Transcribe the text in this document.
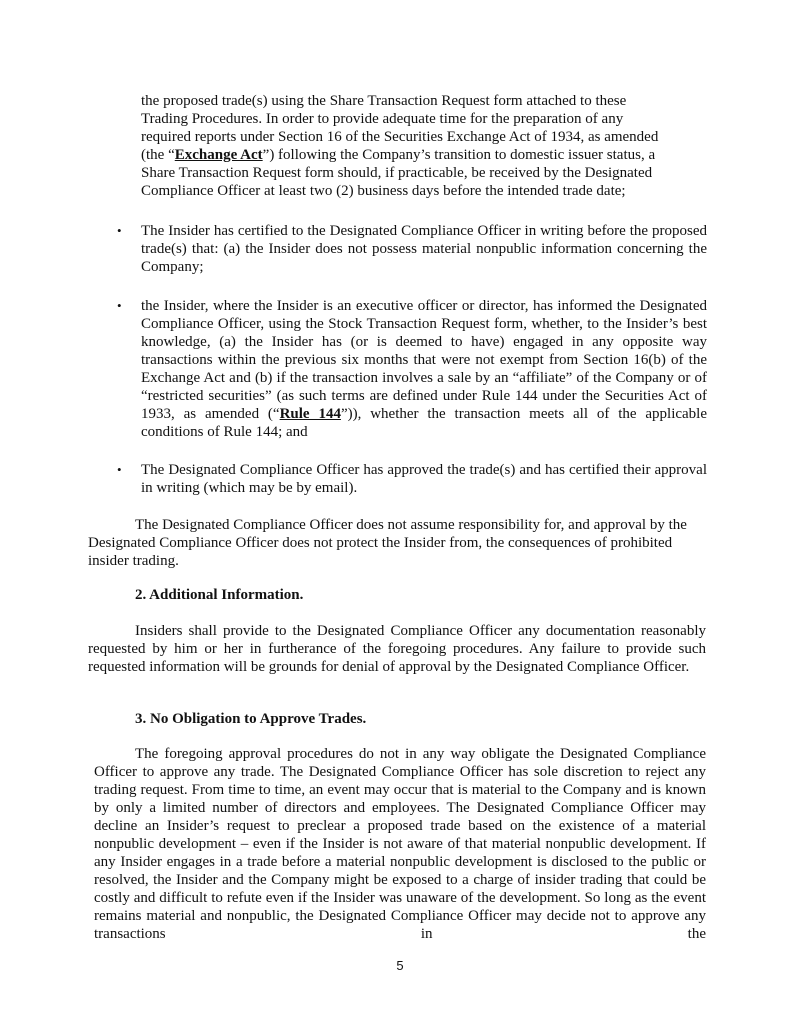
the proposed trade(s) using the Share Transaction Request form attached to these Trading Procedures. In order to provide adequate time for the preparation of any required reports under Section 16 of the Securities Exchange Act of 1934, as amended (the “Exchange Act”) following the Company’s transition to domestic issuer status, a Share Transaction Request form should, if practicable, be received by the Designated Compliance Officer at least two (2) business days before the intended trade date;

•	The Insider has certified to the Designated Compliance Officer in writing before the proposed trade(s) that: (a) the Insider does not possess material nonpublic information concerning the Company;

•	the Insider, where the Insider is an executive officer or director, has informed the Designated Compliance Officer, using the Stock Transaction Request form, whether, to the Insider’s best knowledge, (a) the Insider has (or is deemed to have) engaged in any opposite way transactions within the previous six months that were not exempt from Section 16(b) of the Exchange Act and (b) if the transaction involves a sale by an “affiliate” of the Company or of “restricted securities” (as such terms are defined under Rule 144 under the Securities Act of 1933, as amended (“Rule 144”)), whether the transaction meets all of the applicable conditions of Rule 144; and

•	The Designated Compliance Officer has approved the trade(s) and has certified their approval in writing (which may be by email).

The Designated Compliance Officer does not assume responsibility for, and approval by the Designated Compliance Officer does not protect the Insider from, the consequences of prohibited insider trading.

2. Additional Information.

Insiders shall provide to the Designated Compliance Officer any documentation reasonably requested by him or her in furtherance of the foregoing procedures. Any failure to provide such requested information will be grounds for denial of approval by the Designated Compliance Officer.

3. No Obligation to Approve Trades.

The foregoing approval procedures do not in any way obligate the Designated Compliance Officer to approve any trade. The Designated Compliance Officer has sole discretion to reject any trading request. From time to time, an event may occur that is material to the Company and is known by only a limited number of directors and employees. The Designated Compliance Officer may decline an Insider’s request to preclear a proposed trade based on the existence of a material nonpublic development – even if the Insider is not aware of that material nonpublic development. If any Insider engages in a trade before a material nonpublic development is disclosed to the public or resolved, the Insider and the Company might be exposed to a charge of insider trading that could be costly and difficult to refute even if the Insider was unaware of the development. So long as the event remains material and nonpublic, the Designated Compliance Officer may decide not to approve any transactions in the

5
